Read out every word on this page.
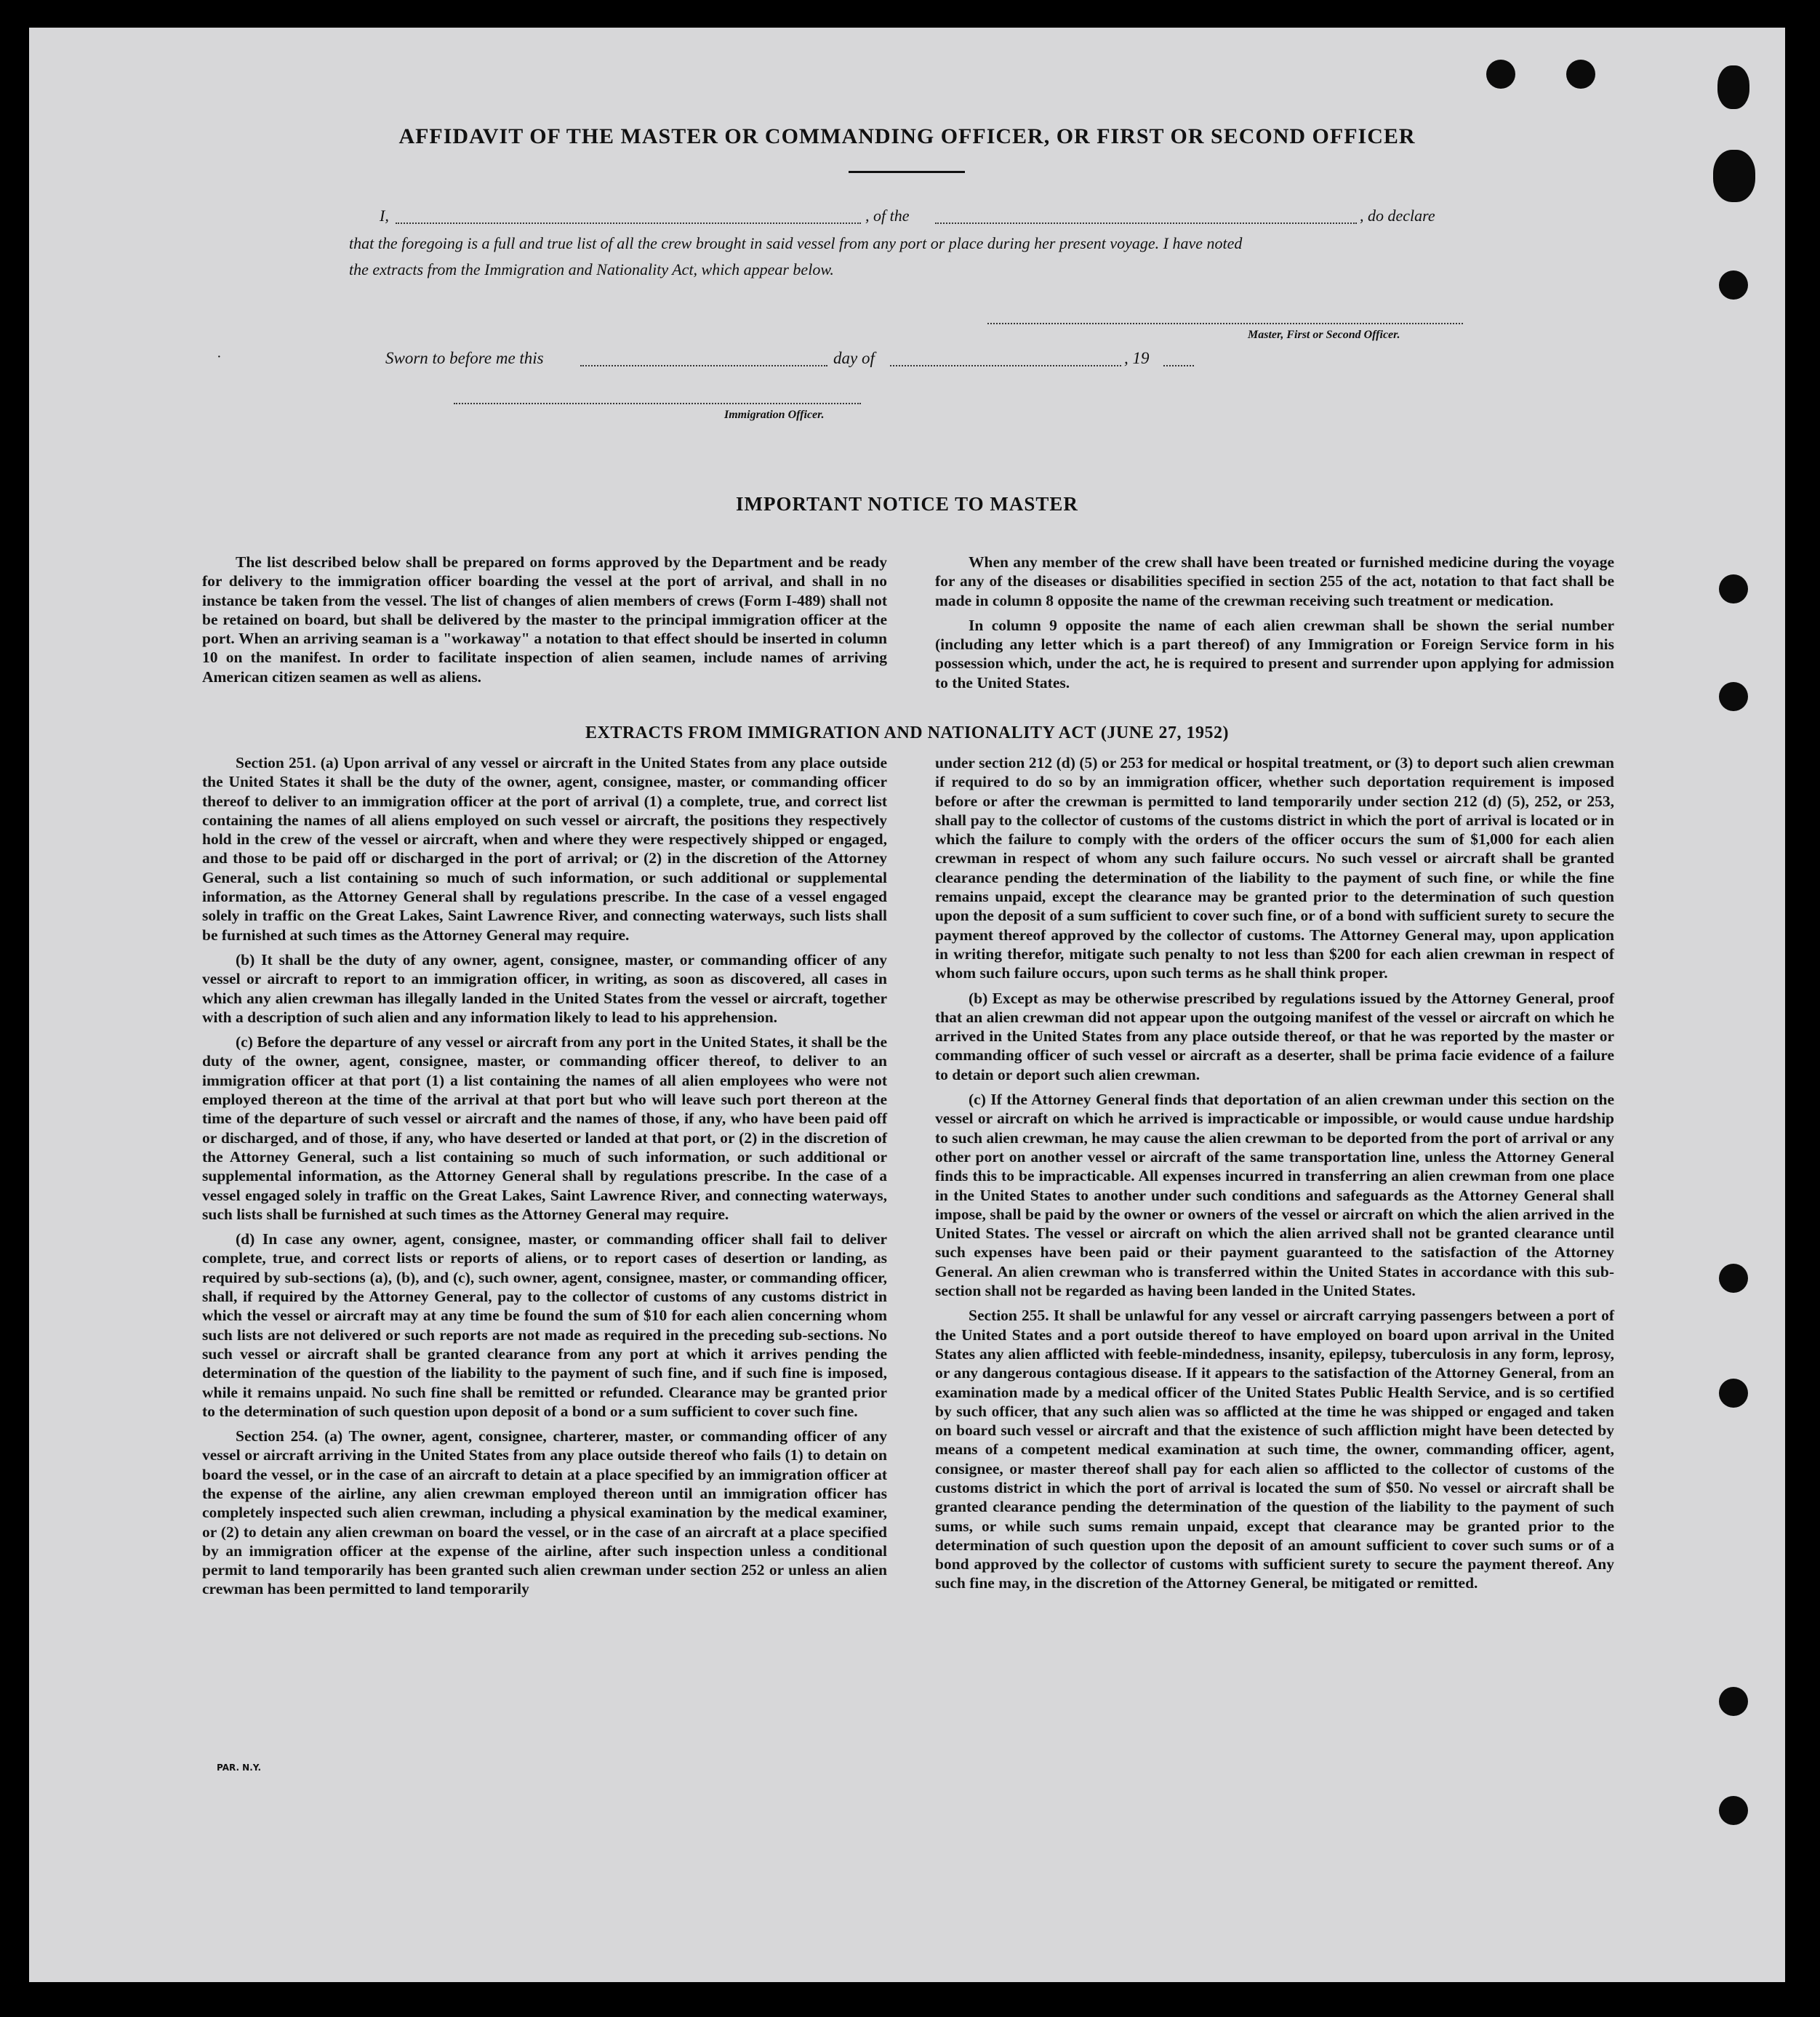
AFFIDAVIT OF THE MASTER OR COMMANDING OFFICER, OR FIRST OR SECOND OFFICER
I,	, of the	, do declare
that the foregoing is a full and true list of all the crew brought in said vessel from any port or place during her present voyage. I have noted
the extracts from the Immigration and Nationality Act, which appear below.
Master, First or Second Officer.
·	Sworn to before me this	day of	, 19
Immigration Officer.
IMPORTANT NOTICE TO MASTER

The list described below shall be prepared on forms approved by the Department and be ready for delivery to the immigration officer boarding the vessel at the port of arrival, and shall in no instance be taken from the vessel. The list of changes of alien members of crews (Form I-489) shall not be retained on board, but shall be delivered by the master to the principal immigration officer at the port. When an arriving seaman is a "workaway" a notation to that effect should be inserted in column 10 on the manifest. In order to facilitate inspection of alien seamen, include names of arriving American citizen seamen as well as aliens.

When any member of the crew shall have been treated or furnished medicine during the voyage for any of the diseases or disabilities specified in section 255 of the act, notation to that fact shall be made in column 8 opposite the name of the crewman receiving such treatment or medication.

In column 9 opposite the name of each alien crewman shall be shown the serial number (including any letter which is a part thereof) of any Immigration or Foreign Service form in his possession which, under the act, he is required to present and surrender upon applying for admission to the United States.

EXTRACTS FROM IMMIGRATION AND NATIONALITY ACT (JUNE 27, 1952)

Section 251. (a) Upon arrival of any vessel or aircraft in the United States from any place outside the United States it shall be the duty of the owner, agent, consignee, master, or commanding officer thereof to deliver to an immigration officer at the port of arrival (1) a complete, true, and correct list containing the names of all aliens employed on such vessel or aircraft, the positions they respectively hold in the crew of the vessel or aircraft, when and where they were respectively shipped or engaged, and those to be paid off or discharged in the port of arrival; or (2) in the discretion of the Attorney General, such a list containing so much of such information, or such additional or supplemental information, as the Attorney General shall by regulations prescribe. In the case of a vessel engaged solely in traffic on the Great Lakes, Saint Lawrence River, and connecting waterways, such lists shall be furnished at such times as the Attorney General may require.

(b) It shall be the duty of any owner, agent, consignee, master, or commanding officer of any vessel or aircraft to report to an immigration officer, in writing, as soon as discovered, all cases in which any alien crewman has illegally landed in the United States from the vessel or aircraft, together with a description of such alien and any information likely to lead to his apprehension.

(c) Before the departure of any vessel or aircraft from any port in the United States, it shall be the duty of the owner, agent, consignee, master, or commanding officer thereof, to deliver to an immigration officer at that port (1) a list containing the names of all alien employees who were not employed thereon at the time of the arrival at that port but who will leave such port thereon at the time of the departure of such vessel or aircraft and the names of those, if any, who have been paid off or discharged, and of those, if any, who have deserted or landed at that port, or (2) in the discretion of the Attorney General, such a list containing so much of such information, or such additional or supplemental information, as the Attorney General shall by regulations prescribe. In the case of a vessel engaged solely in traffic on the Great Lakes, Saint Lawrence River, and connecting waterways, such lists shall be furnished at such times as the Attorney General may require.

(d) In case any owner, agent, consignee, master, or commanding officer shall fail to deliver complete, true, and correct lists or reports of aliens, or to report cases of desertion or landing, as required by sub-sections (a), (b), and (c), such owner, agent, consignee, master, or commanding officer, shall, if required by the Attorney General, pay to the collector of customs of any customs district in which the vessel or aircraft may at any time be found the sum of $10 for each alien concerning whom such lists are not delivered or such reports are not made as required in the preceding sub-sections. No such vessel or aircraft shall be granted clearance from any port at which it arrives pending the determination of the question of the liability to the payment of such fine, and if such fine is imposed, while it remains unpaid. No such fine shall be remitted or refunded. Clearance may be granted prior to the determination of such question upon deposit of a bond or a sum sufficient to cover such fine.

Section 254. (a) The owner, agent, consignee, charterer, master, or commanding officer of any vessel or aircraft arriving in the United States from any place outside thereof who fails (1) to detain on board the vessel, or in the case of an aircraft to detain at a place specified by an immigration officer at the expense of the airline, any alien crewman employed thereon until an immigration officer has completely inspected such alien crewman, including a physical examination by the medical examiner, or (2) to detain any alien crewman on board the vessel, or in the case of an aircraft at a place specified by an immigration officer at the expense of the airline, after such inspection unless a conditional permit to land temporarily has been granted such alien crewman under section 252 or unless an alien crewman has been permitted to land temporarily

under section 212 (d) (5) or 253 for medical or hospital treatment, or (3) to deport such alien crewman if required to do so by an immigration officer, whether such deportation requirement is imposed before or after the crewman is permitted to land temporarily under section 212 (d) (5), 252, or 253, shall pay to the collector of customs of the customs district in which the port of arrival is located or in which the failure to comply with the orders of the officer occurs the sum of $1,000 for each alien crewman in respect of whom any such failure occurs. No such vessel or aircraft shall be granted clearance pending the determination of the liability to the payment of such fine, or while the fine remains unpaid, except the clearance may be granted prior to the determination of such question upon the deposit of a sum sufficient to cover such fine, or of a bond with sufficient surety to secure the payment thereof approved by the collector of customs. The Attorney General may, upon application in writing therefor, mitigate such penalty to not less than $200 for each alien crewman in respect of whom such failure occurs, upon such terms as he shall think proper.

(b) Except as may be otherwise prescribed by regulations issued by the Attorney General, proof that an alien crewman did not appear upon the outgoing manifest of the vessel or aircraft on which he arrived in the United States from any place outside thereof, or that he was reported by the master or commanding officer of such vessel or aircraft as a deserter, shall be prima facie evidence of a failure to detain or deport such alien crewman.

(c) If the Attorney General finds that deportation of an alien crewman under this section on the vessel or aircraft on which he arrived is impracticable or impossible, or would cause undue hardship to such alien crewman, he may cause the alien crewman to be deported from the port of arrival or any other port on another vessel or aircraft of the same transportation line, unless the Attorney General finds this to be impracticable. All expenses incurred in transferring an alien crewman from one place in the United States to another under such conditions and safeguards as the Attorney General shall impose, shall be paid by the owner or owners of the vessel or aircraft on which the alien arrived in the United States. The vessel or aircraft on which the alien arrived shall not be granted clearance until such expenses have been paid or their payment guaranteed to the satisfaction of the Attorney General. An alien crewman who is transferred within the United States in accordance with this sub-section shall not be regarded as having been landed in the United States.

Section 255. It shall be unlawful for any vessel or aircraft carrying passengers between a port of the United States and a port outside thereof to have employed on board upon arrival in the United States any alien afflicted with feeble-mindedness, insanity, epilepsy, tuberculosis in any form, leprosy, or any dangerous contagious disease. If it appears to the satisfaction of the Attorney General, from an examination made by a medical officer of the United States Public Health Service, and is so certified by such officer, that any such alien was so afflicted at the time he was shipped or engaged and taken on board such vessel or aircraft and that the existence of such affliction might have been detected by means of a competent medical examination at such time, the owner, commanding officer, agent, consignee, or master thereof shall pay for each alien so afflicted to the collector of customs of the customs district in which the port of arrival is located the sum of $50. No vessel or aircraft shall be granted clearance pending the determination of the question of the liability to the payment of such sums, or while such sums remain unpaid, except that clearance may be granted prior to the determination of such question upon the deposit of an amount sufficient to cover such sums or of a bond approved by the collector of customs with sufficient surety to secure the payment thereof. Any such fine may, in the discretion of the Attorney General, be mitigated or remitted.

PAR. N.Y.
